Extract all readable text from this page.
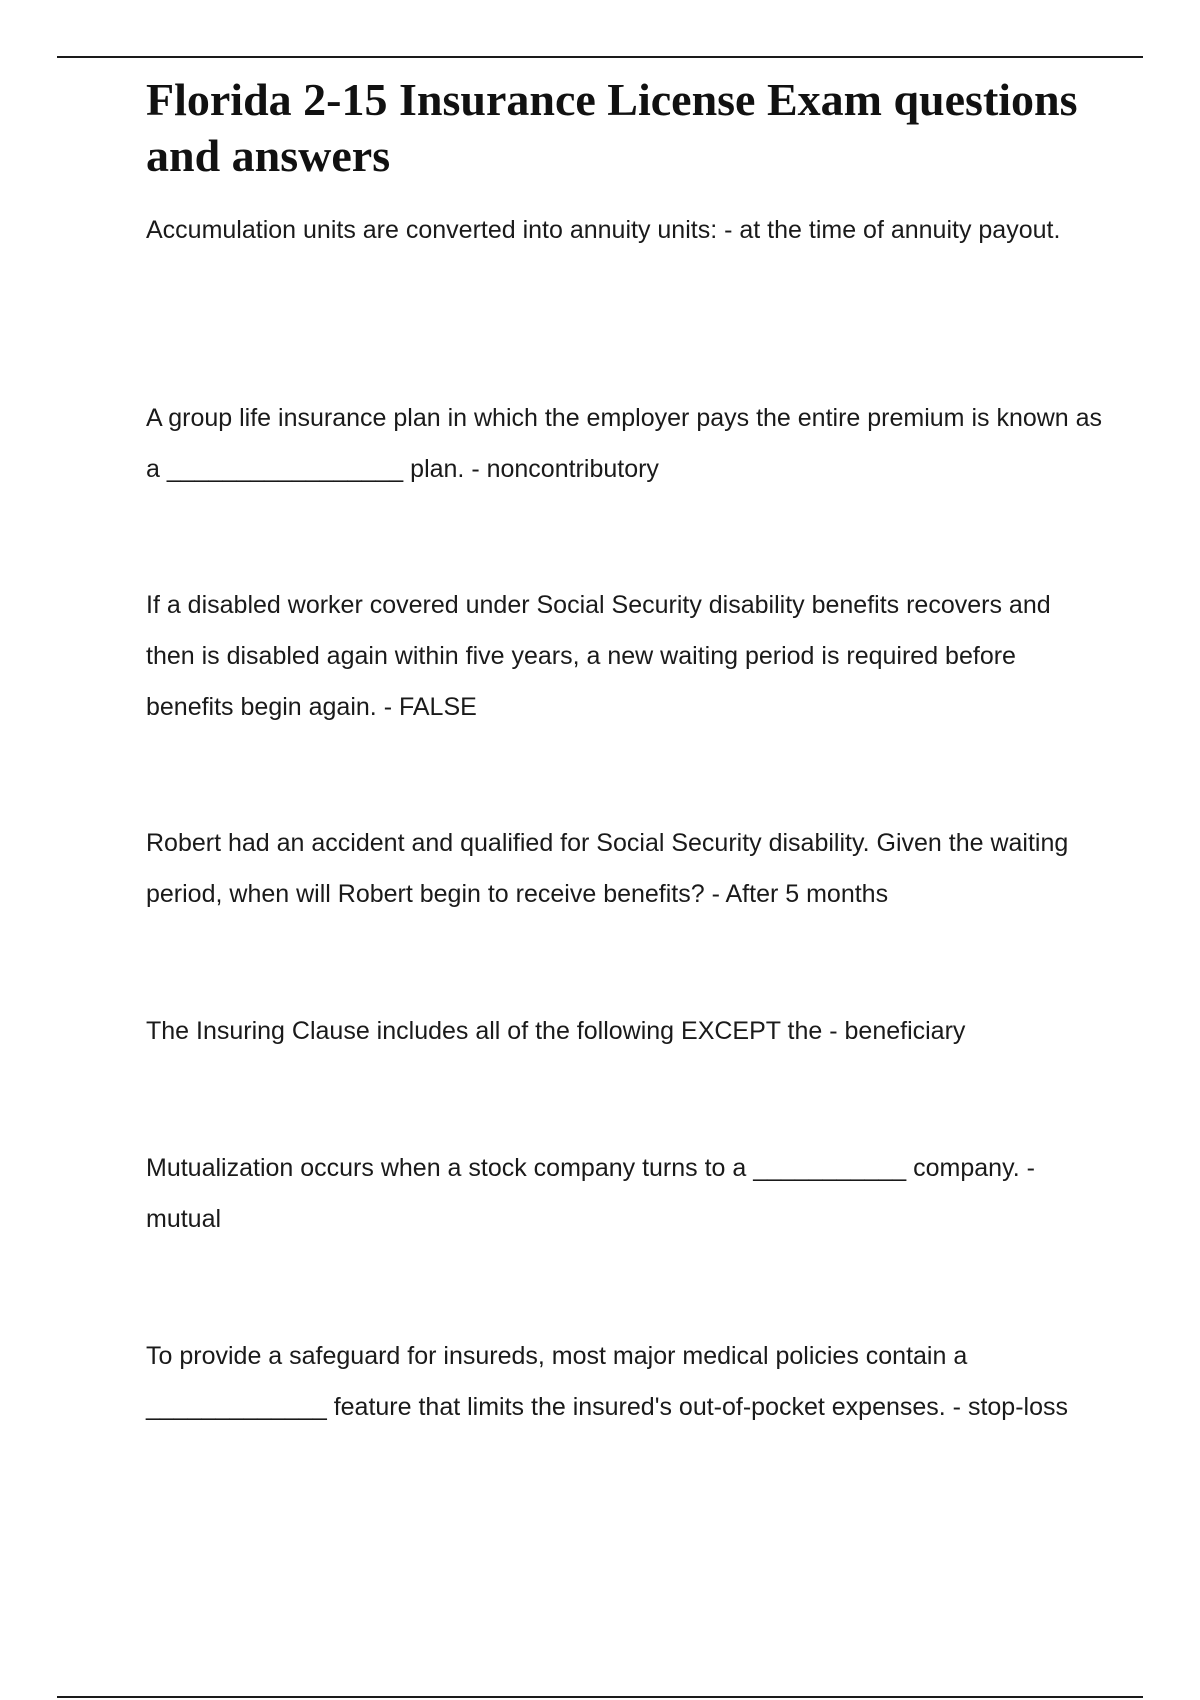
Florida 2-15 Insurance License Exam questions and answers

Accumulation units are converted into annuity units: - at the time of annuity payout.

A group life insurance plan in which the employer pays the entire premium is known as a _________________ plan. - noncontributory

If a disabled worker covered under Social Security disability benefits recovers and then is disabled again within five years, a new waiting period is required before benefits begin again. - FALSE

Robert had an accident and qualified for Social Security disability. Given the waiting period, when will Robert begin to receive benefits? - After 5 months

The Insuring Clause includes all of the following EXCEPT the - beneficiary

Mutualization occurs when a stock company turns to a ___________ company. - mutual

To provide a safeguard for insureds, most major medical policies contain a _____________ feature that limits the insured's out-of-pocket expenses. - stop-loss
